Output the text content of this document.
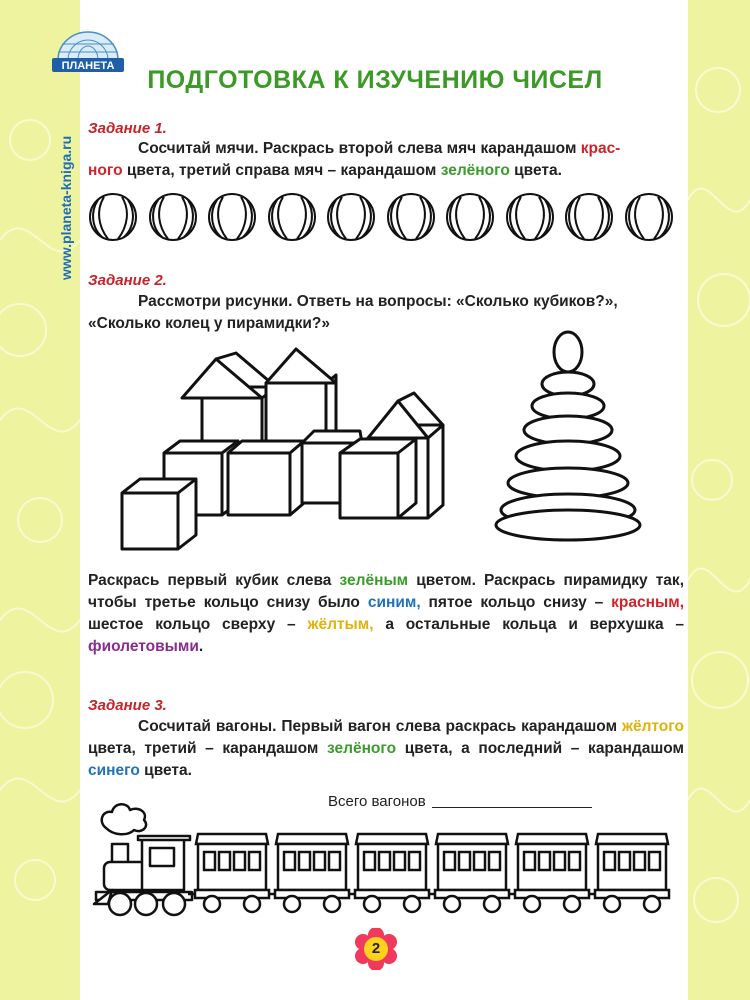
ПЛАНЕТА
www.planeta-kniga.ru
ПОДГОТОВКА К ИЗУЧЕНИЮ ЧИСЕЛ
Задание 1.
Сосчитай мячи. Раскрась второй слева мяч карандашом крас-
ного цвета, третий справа мяч – карандашом зелёного цвета.
Задание 2.
Рассмотри рисунки. Ответь на вопросы: «Сколько кубиков?»,
«Сколько колец у пирамидки?»
Раскрась первый кубик слева зелёным цветом. Раскрась пирамидку так, чтобы третье кольцо снизу было синим, пятое кольцо снизу – красным, шестое кольцо сверху – жёлтым, а остальные кольца и верхушка – фиолетовыми.
Задание 3.
Сосчитай вагоны. Первый вагон слева раскрась карандашом жёлтого цвета, третий – карандашом зелёного цвета, а последний – карандашом синего цвета.
Всего вагонов
2
